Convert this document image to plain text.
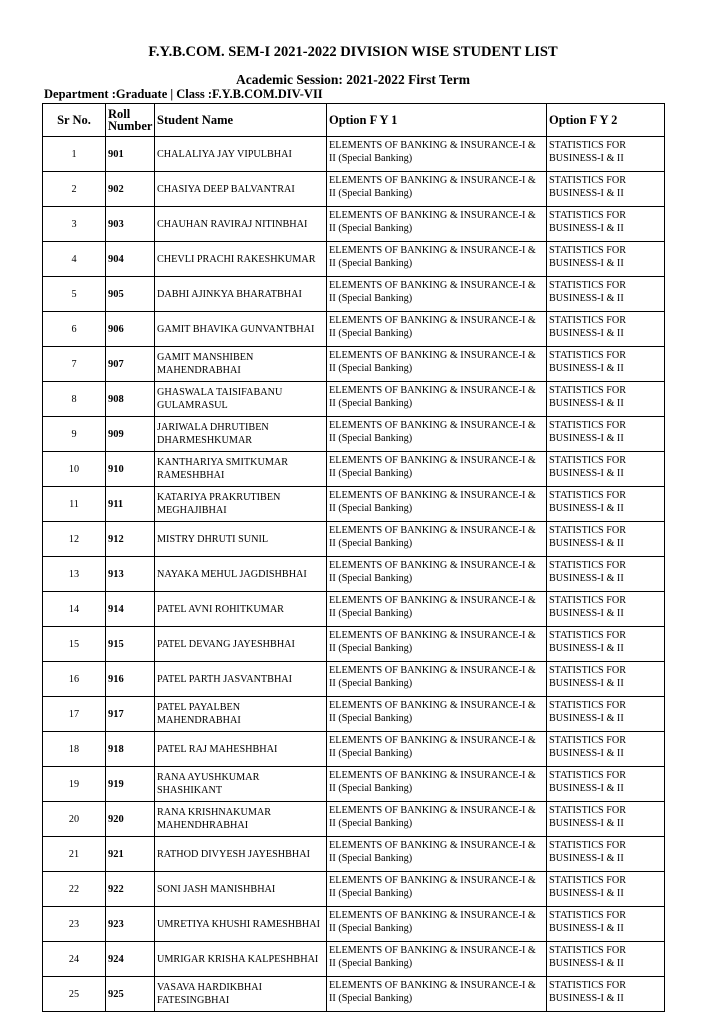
F.Y.B.COM. SEM-I 2021-2022 DIVISION WISE STUDENT LIST
Academic Session: 2021-2022 First Term
Department :Graduate | Class :F.Y.B.COM.DIV-VII
Sr No.	Roll Number	Student Name	Option F Y 1	Option F Y 2
1	901	CHALALIYA JAY VIPULBHAI	ELEMENTS OF BANKING & INSURANCE-I & II (Special Banking)	STATISTICS FOR BUSINESS-I & II
2	902	CHASIYA DEEP BALVANTRAI	ELEMENTS OF BANKING & INSURANCE-I & II (Special Banking)	STATISTICS FOR BUSINESS-I & II
3	903	CHAUHAN RAVIRAJ NITINBHAI	ELEMENTS OF BANKING & INSURANCE-I & II (Special Banking)	STATISTICS FOR BUSINESS-I & II
4	904	CHEVLI PRACHI RAKESHKUMAR	ELEMENTS OF BANKING & INSURANCE-I & II (Special Banking)	STATISTICS FOR BUSINESS-I & II
5	905	DABHI AJINKYA BHARATBHAI	ELEMENTS OF BANKING & INSURANCE-I & II (Special Banking)	STATISTICS FOR BUSINESS-I & II
6	906	GAMIT BHAVIKA GUNVANTBHAI	ELEMENTS OF BANKING & INSURANCE-I & II (Special Banking)	STATISTICS FOR BUSINESS-I & II
7	907	GAMIT MANSHIBEN MAHENDRABHAI	ELEMENTS OF BANKING & INSURANCE-I & II (Special Banking)	STATISTICS FOR BUSINESS-I & II
8	908	GHASWALA TAISIFABANU GULAMRASUL	ELEMENTS OF BANKING & INSURANCE-I & II (Special Banking)	STATISTICS FOR BUSINESS-I & II
9	909	JARIWALA DHRUTIBEN DHARMESHKUMAR	ELEMENTS OF BANKING & INSURANCE-I & II (Special Banking)	STATISTICS FOR BUSINESS-I & II
10	910	KANTHARIYA SMITKUMAR RAMESHBHAI	ELEMENTS OF BANKING & INSURANCE-I & II (Special Banking)	STATISTICS FOR BUSINESS-I & II
11	911	KATARIYA PRAKRUTIBEN MEGHAJIBHAI	ELEMENTS OF BANKING & INSURANCE-I & II (Special Banking)	STATISTICS FOR BUSINESS-I & II
12	912	MISTRY DHRUTI SUNIL	ELEMENTS OF BANKING & INSURANCE-I & II (Special Banking)	STATISTICS FOR BUSINESS-I & II
13	913	NAYAKA MEHUL JAGDISHBHAI	ELEMENTS OF BANKING & INSURANCE-I & II (Special Banking)	STATISTICS FOR BUSINESS-I & II
14	914	PATEL AVNI ROHITKUMAR	ELEMENTS OF BANKING & INSURANCE-I & II (Special Banking)	STATISTICS FOR BUSINESS-I & II
15	915	PATEL DEVANG JAYESHBHAI	ELEMENTS OF BANKING & INSURANCE-I & II (Special Banking)	STATISTICS FOR BUSINESS-I & II
16	916	PATEL PARTH JASVANTBHAI	ELEMENTS OF BANKING & INSURANCE-I & II (Special Banking)	STATISTICS FOR BUSINESS-I & II
17	917	PATEL PAYALBEN MAHENDRABHAI	ELEMENTS OF BANKING & INSURANCE-I & II (Special Banking)	STATISTICS FOR BUSINESS-I & II
18	918	PATEL RAJ MAHESHBHAI	ELEMENTS OF BANKING & INSURANCE-I & II (Special Banking)	STATISTICS FOR BUSINESS-I & II
19	919	RANA AYUSHKUMAR SHASHIKANT	ELEMENTS OF BANKING & INSURANCE-I & II (Special Banking)	STATISTICS FOR BUSINESS-I & II
20	920	RANA KRISHNAKUMAR MAHENDHRABHAI	ELEMENTS OF BANKING & INSURANCE-I & II (Special Banking)	STATISTICS FOR BUSINESS-I & II
21	921	RATHOD DIVYESH JAYESHBHAI	ELEMENTS OF BANKING & INSURANCE-I & II (Special Banking)	STATISTICS FOR BUSINESS-I & II
22	922	SONI JASH MANISHBHAI	ELEMENTS OF BANKING & INSURANCE-I & II (Special Banking)	STATISTICS FOR BUSINESS-I & II
23	923	UMRETIYA KHUSHI RAMESHBHAI	ELEMENTS OF BANKING & INSURANCE-I & II (Special Banking)	STATISTICS FOR BUSINESS-I & II
24	924	UMRIGAR KRISHA KALPESHBHAI	ELEMENTS OF BANKING & INSURANCE-I & II (Special Banking)	STATISTICS FOR BUSINESS-I & II
25	925	VASAVA HARDIKBHAI FATESINGBHAI	ELEMENTS OF BANKING & INSURANCE-I & II (Special Banking)	STATISTICS FOR BUSINESS-I & II
